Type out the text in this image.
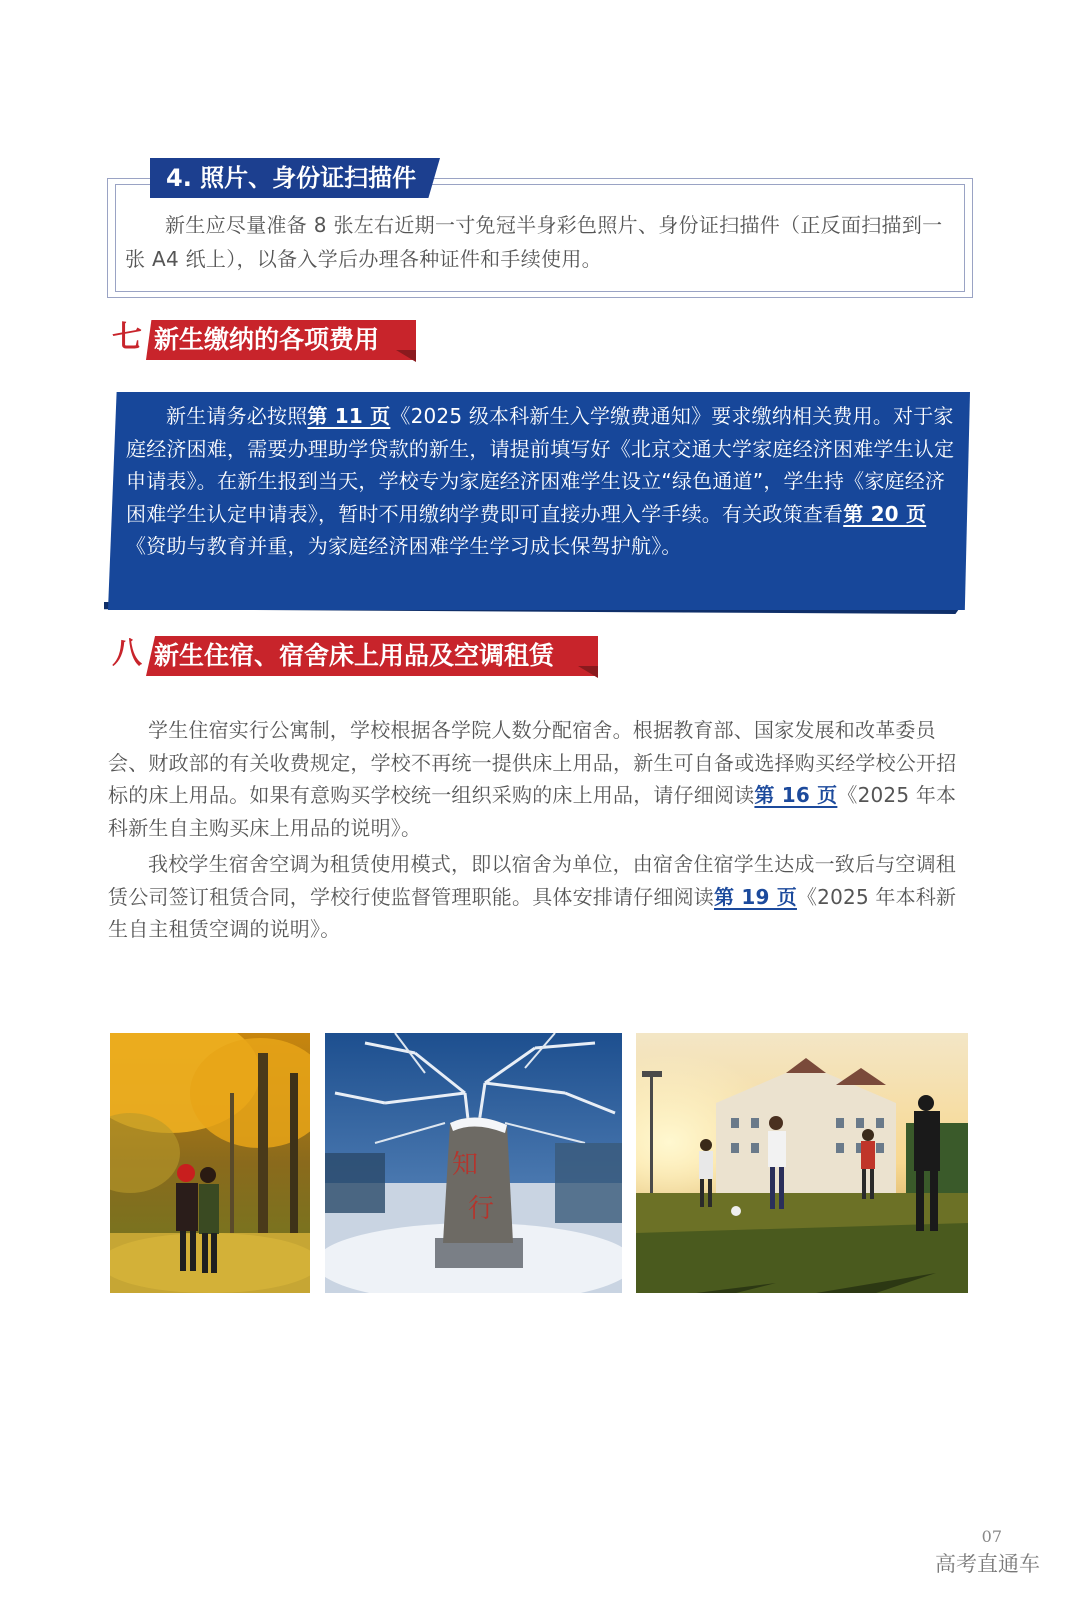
4. 照片、身份证扫描件
新生应尽量准备 8 张左右近期一寸免冠半身彩色照片、身份证扫描件（正反面扫描到一张 A4 纸上），以备入学后办理各种证件和手续使用。
七 新生缴纳的各项费用

新生请务必按照第 11 页《2025 级本科新生入学缴费通知》要求缴纳相关费用。对于家庭经济困难，需要办理助学贷款的新生，请提前填写好《北京交通大学家庭经济困难学生认定申请表》。在新生报到当天，学校专为家庭经济困难学生设立“绿色通道”，学生持《家庭经济困难学生认定申请表》，暂时不用缴纳学费即可直接办理入学手续。有关政策查看第 20 页《资助与教育并重，为家庭经济困难学生学习成长保驾护航》。

八 新生住宿、宿舍床上用品及空调租赁

学生住宿实行公寓制，学校根据各学院人数分配宿舍。根据教育部、国家发展和改革委员会、财政部的有关收费规定，学校不再统一提供床上用品，新生可自备或选择购买经学校公开招标的床上用品。如果有意购买学校统一组织采购的床上用品，请仔细阅读第 16 页《2025 年本科新生自主购买床上用品的说明》。

我校学生宿舍空调为租赁使用模式，即以宿舍为单位，由宿舍住宿学生达成一致后与空调租赁公司签订租赁合同，学校行使监督管理职能。具体安排请仔细阅读第 19 页《2025 年本科新生自主租赁空调的说明》。

知
行
07
高考直通车
